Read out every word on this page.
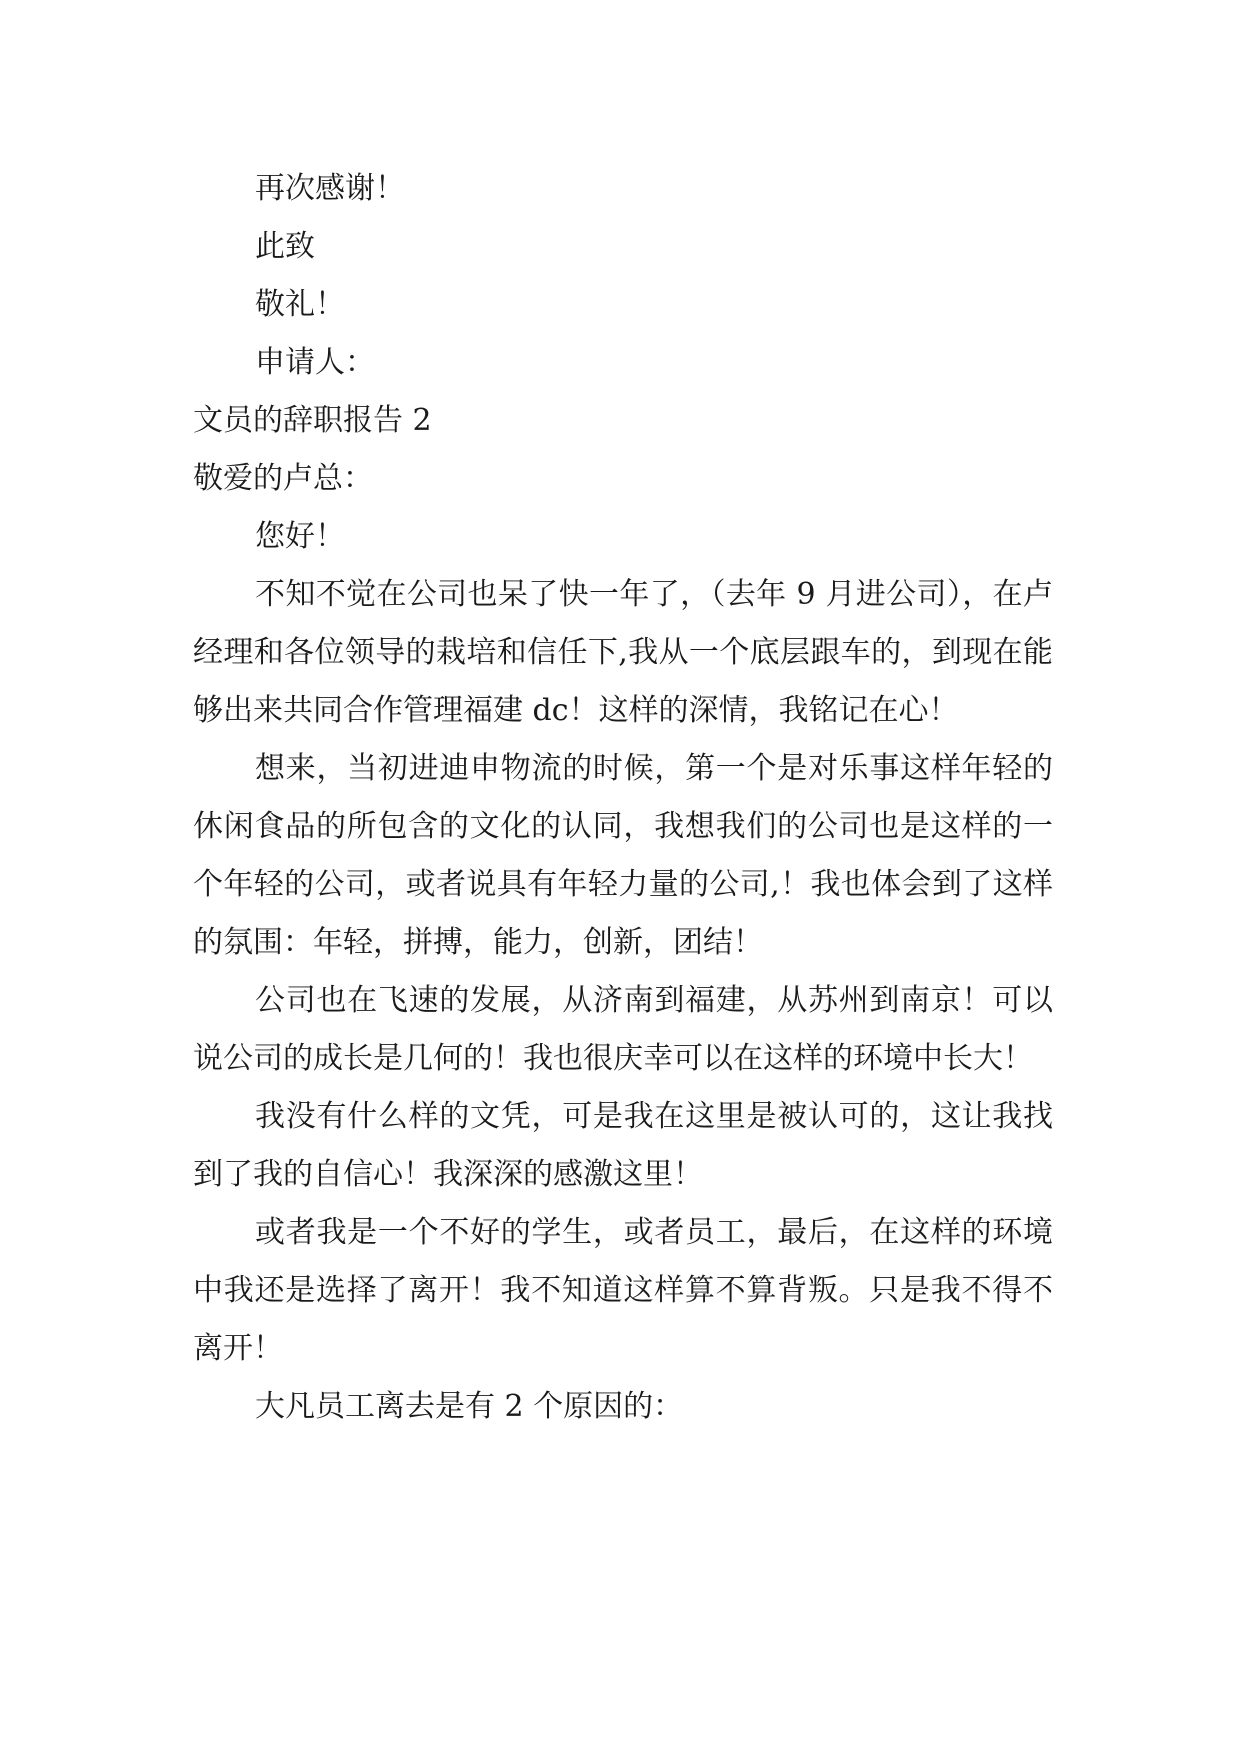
再次感谢！
此致
敬礼！
申请人：
文员的辞职报告 2
敬爱的卢总：
您好！
不知不觉在公司也呆了快一年了，（去年 9 月进公司），在卢经理和各位领导的栽培和信任下,我从一个底层跟车的，到现在能够出来共同合作管理福建 dc！这样的深情，我铭记在心！
想来，当初进迪申物流的时候，第一个是对乐事这样年轻的休闲食品的所包含的文化的认同，我想我们的公司也是这样的一个年轻的公司，或者说具有年轻力量的公司,！我也体会到了这样的氛围：年轻，拼搏，能力，创新，团结！
公司也在飞速的发展，从济南到福建，从苏州到南京！可以说公司的成长是几何的！我也很庆幸可以在这样的环境中长大！
我没有什么样的文凭，可是我在这里是被认可的，这让我找到了我的自信心！我深深的感激这里！
或者我是一个不好的学生，或者员工，最后，在这样的环境中我还是选择了离开！我不知道这样算不算背叛。只是我不得不离开！
大凡员工离去是有 2 个原因的：
